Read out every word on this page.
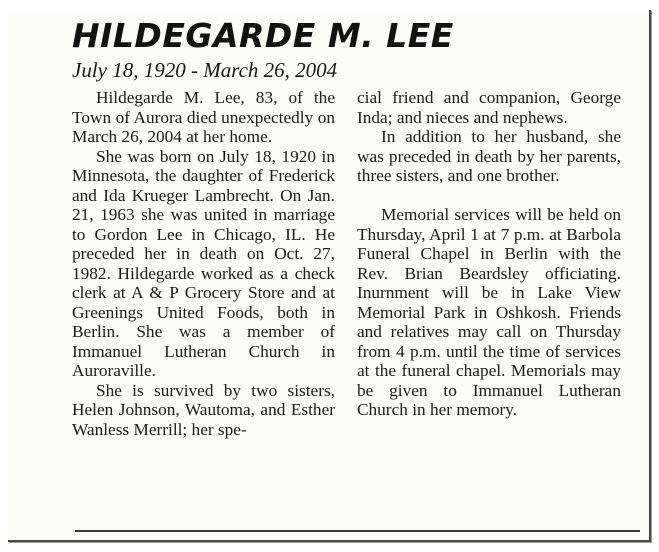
HILDEGARDE M. LEE
July 18, 1920 - March 26, 2004

Hildegarde M. Lee, 83, of the Town of Aurora died unexpectedly on March 26, 2004 at her home.

She was born on July 18, 1920 in Minnesota, the daughter of Frederick and Ida Krueger Lambrecht. On Jan. 21, 1963 she was united in marriage to Gordon Lee in Chicago, IL. He preceded her in death on Oct. 27, 1982. Hildegarde worked as a check clerk at A & P Grocery Store and at Greenings United Foods, both in Berlin. She was a member of Immanuel Lutheran Church in Auroraville.

She is survived by two sisters, Helen Johnson, Wautoma, and Esther Wanless Merrill; her spe-

cial friend and companion, George Inda; and nieces and nephews.

In addition to her husband, she was preceded in death by her parents, three sisters, and one brother.

Memorial services will be held on Thursday, April 1 at 7 p.m. at Barbola Funeral Chapel in Berlin with the Rev. Brian Beardsley officiating. Inurnment will be in Lake View Memorial Park in Oshkosh. Friends and relatives may call on Thursday from 4 p.m. until the time of services at the funeral chapel. Memorials may be given to Immanuel Lutheran Church in her memory.
